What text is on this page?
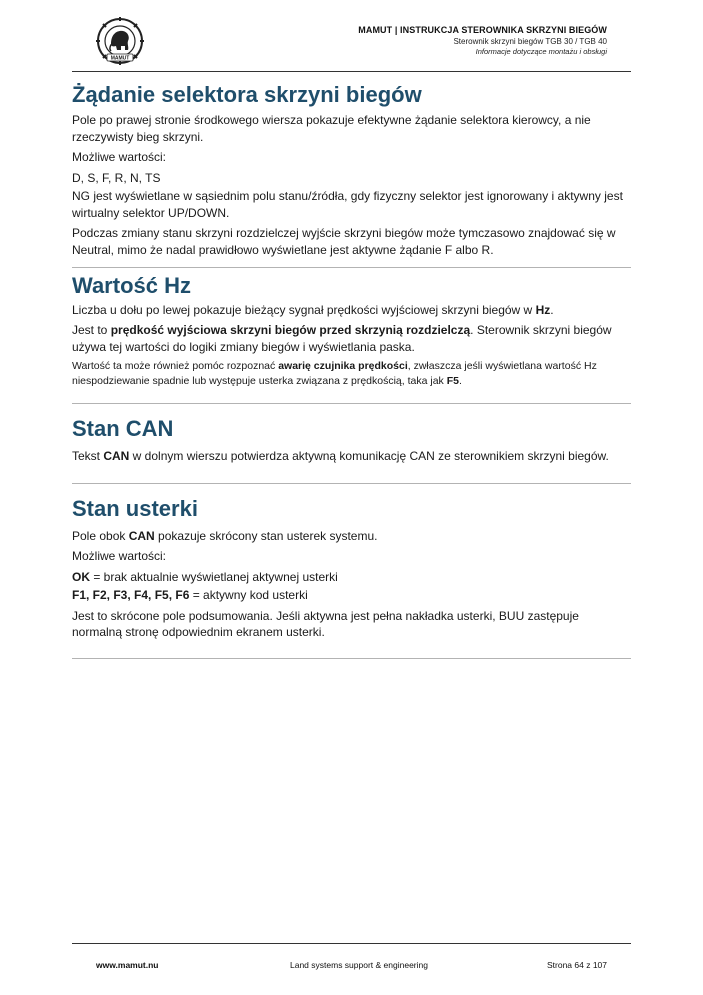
MAMUT
MAMUT | INSTRUKCJA STEROWNIKA SKRZYNI BIEGÓW
Sterownik skrzyni biegów TGB 30 / TGB 40
Informacje dotyczące montażu i obsługi
Żądanie selektora skrzyni biegów

Pole po prawej stronie środkowego wiersza pokazuje efektywne żądanie selektora kierowcy, a nie rzeczywisty bieg skrzyni.

Możliwe wartości:

D, S, F, R, N, TS

NG jest wyświetlane w sąsiednim polu stanu/źródła, gdy fizyczny selektor jest ignorowany i aktywny jest wirtualny selektor UP/DOWN.

Podczas zmiany stanu skrzyni rozdzielczej wyjście skrzyni biegów może tymczasowo znajdować się w Neutral, mimo że nadal prawidłowo wyświetlane jest aktywne żądanie F albo R.

Wartość Hz

Liczba u dołu po lewej pokazuje bieżący sygnał prędkości wyjściowej skrzyni biegów w Hz.

Jest to prędkość wyjściowa skrzyni biegów przed skrzynią rozdzielczą. Sterownik skrzyni biegów używa tej wartości do logiki zmiany biegów i wyświetlania paska.

Wartość ta może również pomóc rozpoznać awarię czujnika prędkości, zwłaszcza jeśli wyświetlana wartość Hz niespodziewanie spadnie lub występuje usterka związana z prędkością, taka jak F5.

Stan CAN

Tekst CAN w dolnym wierszu potwierdza aktywną komunikację CAN ze sterownikiem skrzyni biegów.

Stan usterki

Pole obok CAN pokazuje skrócony stan usterek systemu.

Możliwe wartości:

OK = brak aktualnie wyświetlanej aktywnej usterki

F1, F2, F3, F4, F5, F6 = aktywny kod usterki

Jest to skrócone pole podsumowania. Jeśli aktywna jest pełna nakładka usterki, BUU zastępuje normalną stronę odpowiednim ekranem usterki.

www.mamut.nu	Land systems support & engineering	Strona 64 z 107
